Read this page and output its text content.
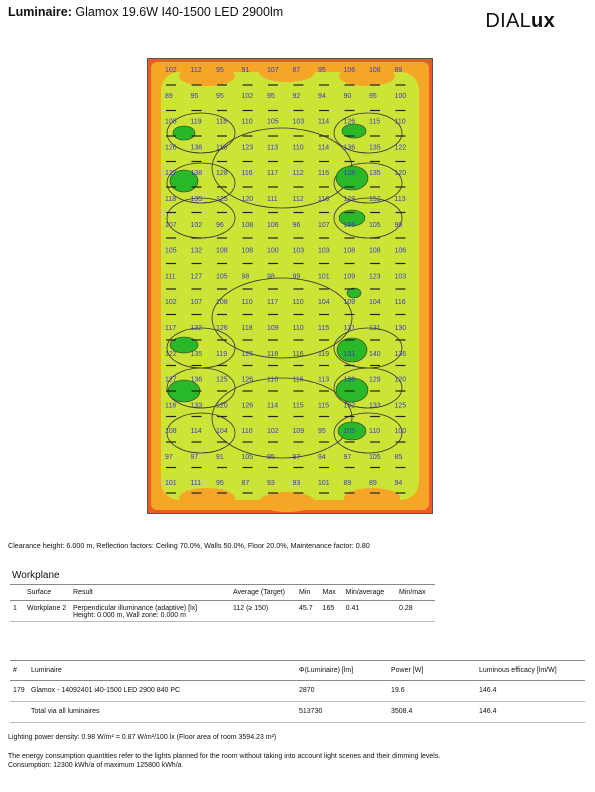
Luminaire: Glamox 19.6W I40-1500 LED 2900lm	DIALux
102 112 95	91	107 87	95	106 108 89
89	95	95	102 95	92	94	90	95	100
108 119 118 110 105 103 114 126 115 110
126 138 116 123 113 110 114 136 135 122
127 138 128 116 117 112 116 128 135 120
118 135 125 120 111 112 116 128 152 113
107 102 96	108 106 96	107 106 105 99
105 132 108 108 100 103 103 108 108 106
111 127 105 98	98	99	101 109 123 103
102 107 108 110 117 110 104 109 104 116
117 132 126 118 109 110 115 131 131 130
122 135 119 126 118 116 119 131 140 136
127 136 125 126 116 116 113 136 129 120
118 133 120 126 114 115 115 132 133 125
108 114 104 110 102 109 95	105 110 100
97	97	91	105 95	97	94	97	105 85
101 111 95	87	93	93	101 89	89	94
Clearance height: 6.000 m, Reflection factors: Ceiling 70.0%, Walls 50.0%, Floor 20.0%, Maintenance factor: 0.80
Workplane
	Surface	Result	Average (Target)	Min	Max	Min/average	Min/max
1	Workplane 2	Perpendicular illuminance (adaptive) [lx]
Height: 0.000 m, Wall zone: 0.000 m	112 (≥ 150)	45.7	165	0.41	0.28
#	Luminaire	Φ(Luminaire) [lm]	Power [W]	Luminous efficacy [lm/W]
179	Glamox - 14092401 i40-1500 LED 2900 840 PC	2870	19.6	146.4
	Total via all luminaires	513730	3508.4	146.4
Lighting power density: 0.98 W/m² = 0.87 W/m²/100 lx (Floor area of room 3594.23 m²)
The energy consumption quantities refer to the lights planned for the room without taking into account light scenes and their dimming levels.
Consumption: 12300 kWh/a of maximum 125800 kWh/a
